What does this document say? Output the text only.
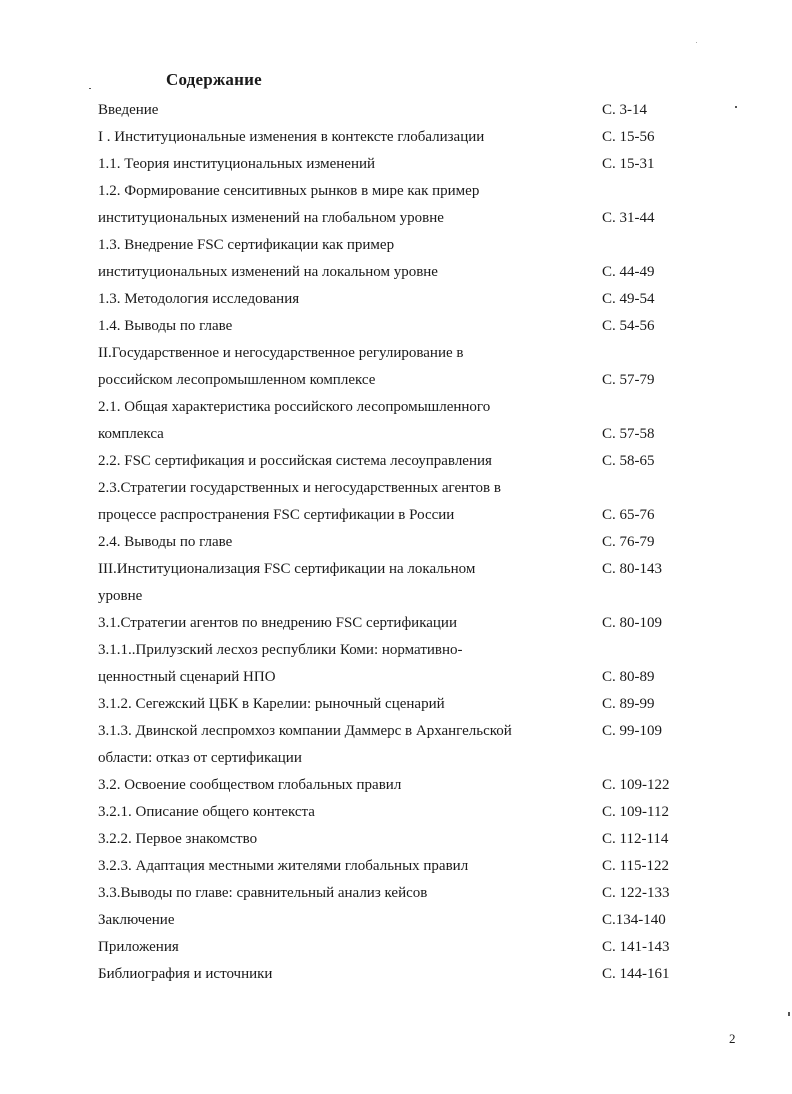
Содержание
Введение	С. 3-14
I . Институциональные изменения в контексте глобализации	С. 15-56
1.1. Теория институциональных изменений	С. 15-31
1.2. Формирование сенситивных рынков в мире как пример
институциональных изменений на глобальном уровне	С. 31-44
1.3. Внедрение FSC сертификации как пример
институциональных изменений на локальном уровне	С. 44-49
1.3. Методология исследования	С. 49-54
1.4. Выводы по главе	С. 54-56
II.Государственное и негосударственное регулирование в
российском лесопромышленном комплексе	С. 57-79
2.1. Общая характеристика российского лесопромышленного
комплекса	С. 57-58
2.2. FSC сертификация и российская система лесоуправления	С. 58-65
2.3.Стратегии государственных и негосударственных агентов в
процессе распространения FSC сертификации в России	С. 65-76
2.4. Выводы по главе	С. 76-79
III.Институционализация FSC сертификации на локальном	С. 80-143
уровне
3.1.Стратегии агентов по внедрению FSC сертификации	С. 80-109
3.1.1..Прилузский лесхоз республики Коми: нормативно-
ценностный сценарий НПО	С. 80-89
3.1.2. Сегежский ЦБК в Карелии: рыночный сценарий	С. 89-99
3.1.3. Двинской леспромхоз компании Даммерс в Архангельской	С. 99-109
области: отказ от сертификации
3.2. Освоение сообществом глобальных правил	С. 109-122
3.2.1. Описание общего контекста	С. 109-112
3.2.2. Первое знакомство	С. 112-114
3.2.3. Адаптация местными жителями глобальных правил	С. 115-122
3.3.Выводы по главе: сравнительный анализ кейсов	С. 122-133
Заключение	С.134-140
Приложения	С. 141-143
Библиография и источники	С. 144-161
2
